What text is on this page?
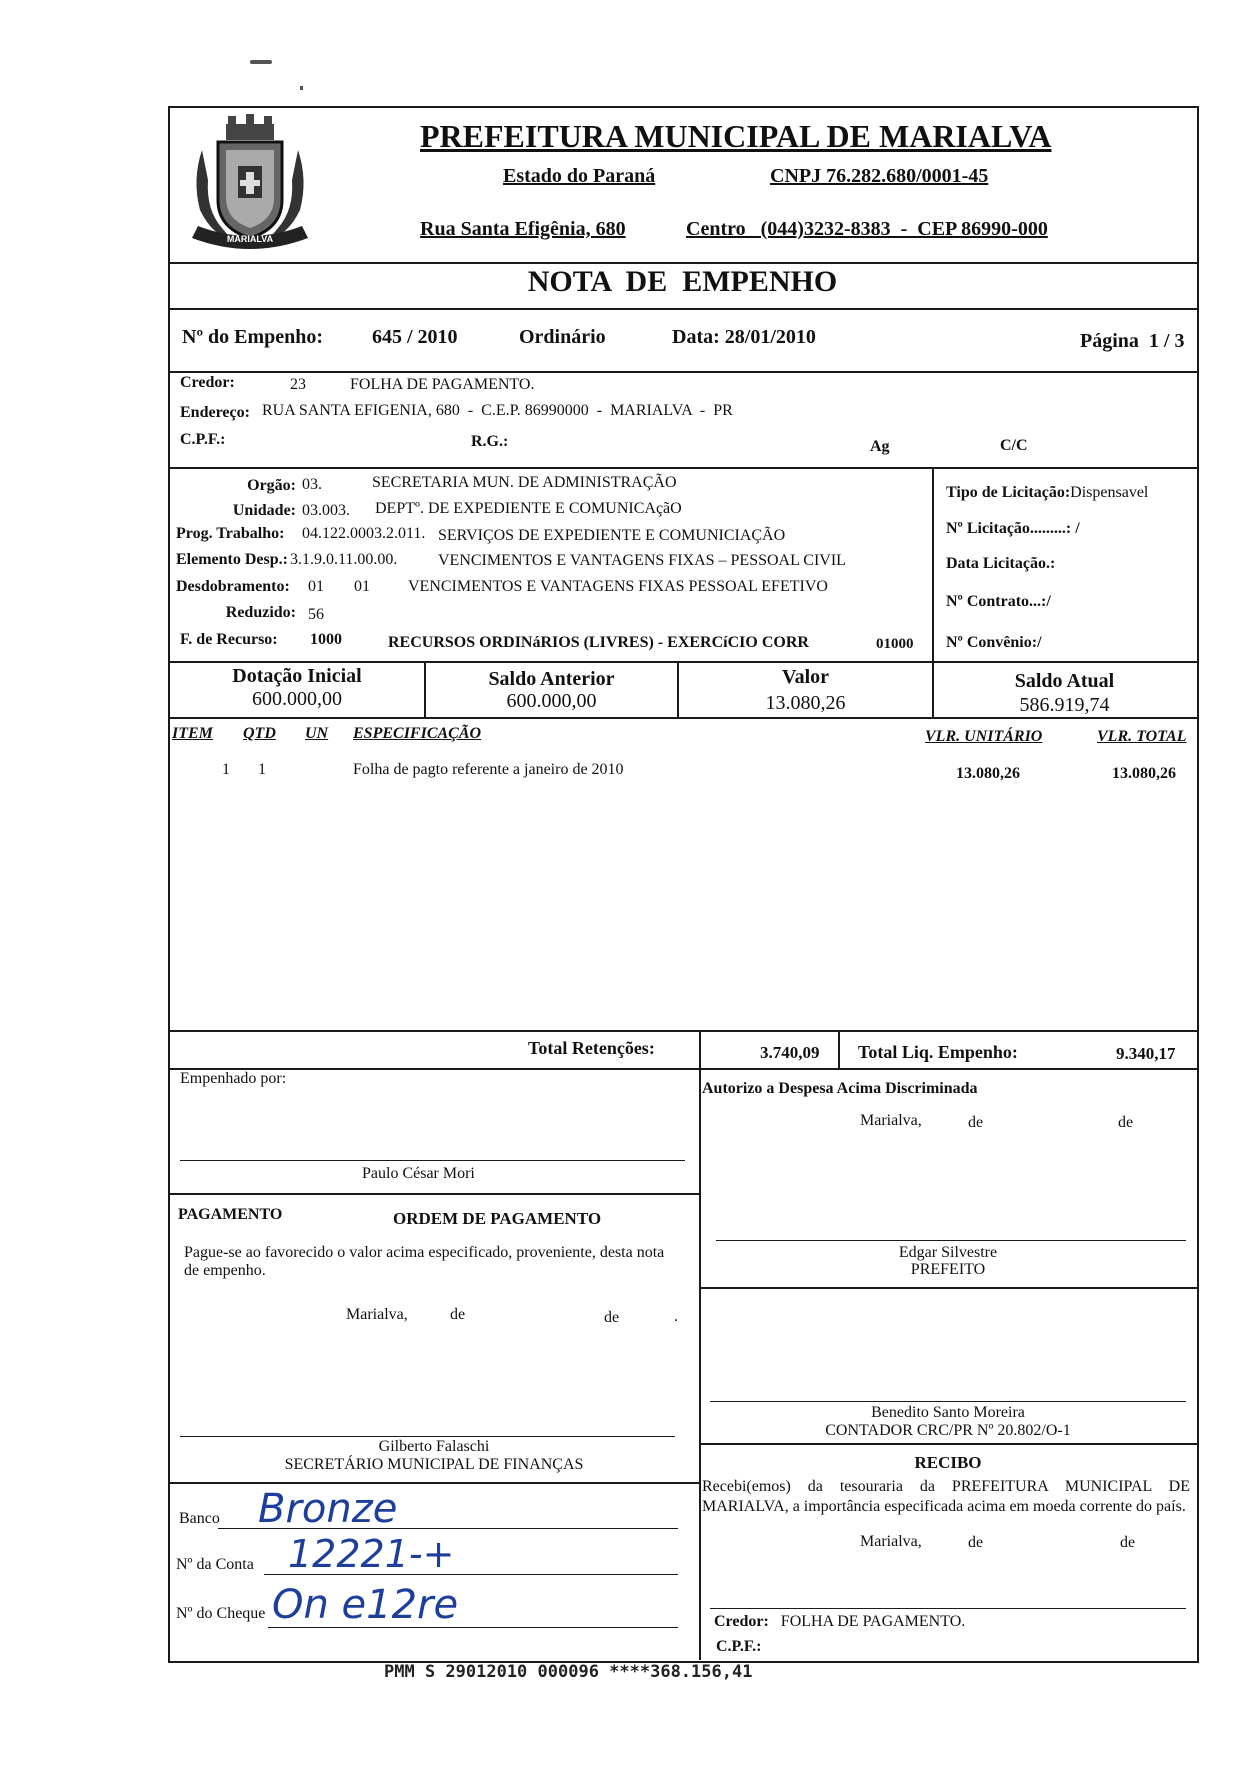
MARIALVA
PREFEITURA MUNICIPAL DE MARIALVA
Estado do Paraná	CNPJ 76.282.680/0001-45
Rua Santa Efigênia, 680	Centro   (044)3232-8383  -  CEP 86990-000
NOTA  DE  EMPENHO
Nº do Empenho: 645 / 2010	Ordinário	Data: 28/01/2010	Página  1 / 3
Credor:	23	FOLHA DE PAGAMENTO.
Endereço: RUA SANTA EFIGENIA, 680  -  C.E.P. 86990000  -  MARIALVA  -  PR
C.P.F.:	R.G.:	Ag	C/C
Orgão: 03.	SECRETARIA MUN. DE ADMINISTRAÇÃO
Unidade: 03.003. DEPTº. DE EXPEDIENTE E COMUNICAçãO
Prog. Trabalho: 04.122.0003.2.011. SERVIÇOS DE EXPEDIENTE E COMUNICIAÇÃO
Elemento Desp.: 3.1.9.0.11.00.00.	VENCIMENTOS E VANTAGENS FIXAS – PESSOAL CIVIL
Desdobramento: 01 01 VENCIMENTOS E VANTAGENS FIXAS PESSOAL EFETIVO
Reduzido: 56
F. de Recurso: 1000	RECURSOS ORDINáRIOS (LIVRES) - EXERCíCIO CORR	01000
Tipo de Licitação:Dispensavel
Nº Licitação.........: /
Data Licitação.:
Nº Contrato...:/
Nº Convênio:/
Dotação Inicial
600.000,00
Saldo Anterior
600.000,00
Valor
13.080,26
Saldo Atual
586.919,74
ITEM QTD UN ESPECIFICAÇÃO	VLR. UNITÁRIO	VLR. TOTAL
1 1	Folha de pagto referente a janeiro de 2010	13.080,26	13.080,26
Total Retenções:	3.740,09 Total Liq. Empenho:	9.340,17
Empenhado por:
Paulo César Mori
PAGAMENTO	ORDEM DE PAGAMENTO
Pague-se ao favorecido o valor acima especificado, proveniente, desta nota de empenho.
Marialva,	de	de	.
Gilberto Falaschi
SECRETÁRIO MUNICIPAL DE FINANÇAS
Banco Bronze
Nº da Conta 12221-+
Nº do Cheque On e12re
Autorizo a Despesa Acima Discriminada
Marialva,	de	de
Edgar Silvestre
PREFEITO
Benedito Santo Moreira
CONTADOR CRC/PR Nº 20.802/O-1
RECIBO
Recebi(emos) da tesouraria da PREFEITURA MUNICIPAL DE MARIALVA, a importância especificada acima em moeda corrente do país.
Marialva,	de	de
Credor: FOLHA DE PAGAMENTO.
C.P.F.:
PMM S 29012010 000096 ****368.156,41
